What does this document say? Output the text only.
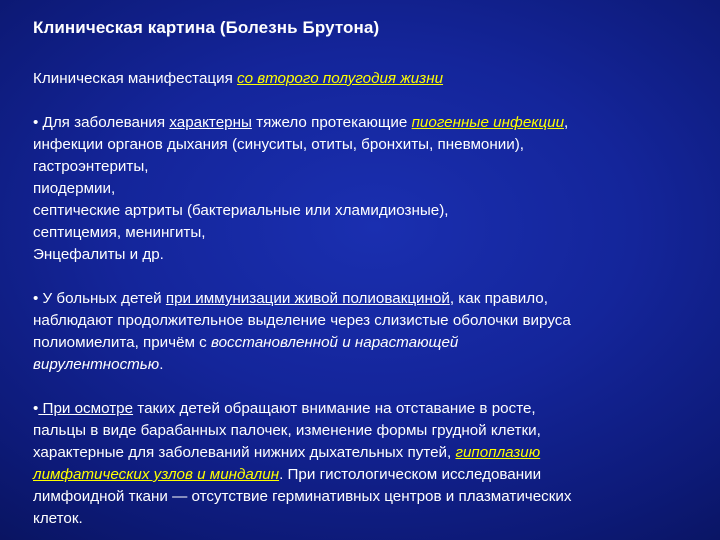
Клиническая картина (Болезнь Брутона)

Клиническая манифестация со второго полугодия жизни

• Для заболевания характерны тяжело протекающие пиогенные инфекции,
инфекции органов дыхания (синуситы, отиты, бронхиты, пневмонии),
гастроэнтериты,
пиодермии,
септические артриты (бактериальные или хламидиозные),
септицемия, менингиты,
Энцефалиты и др.

• У больных детей при иммунизации живой полиовакциной, как правило,
наблюдают продолжительное выделение через слизистые оболочки вируса
полиомиелита, причём с восстановленной и нарастающей
вирулентностью.

• При осмотре таких детей обращают внимание на отставание в росте,
пальцы в виде барабанных палочек, изменение формы грудной клетки,
характерные для заболеваний нижних дыхательных путей, гипоплазию
лимфатических узлов и миндалин. При гистологическом исследовании
лимфоидной ткани — отсутствие герминативных центров и плазматических
клеток.
